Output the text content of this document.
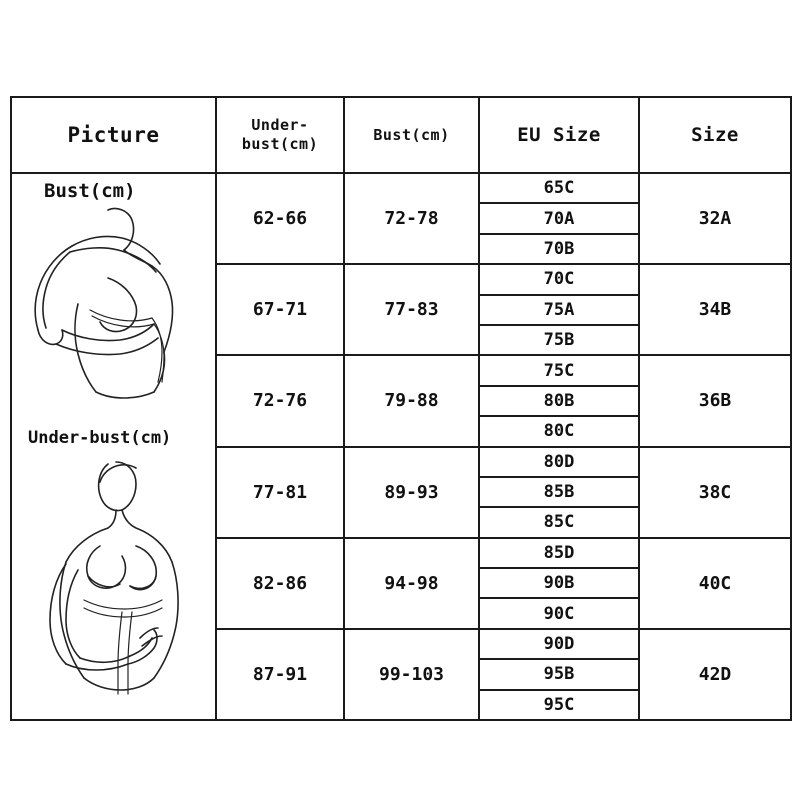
Picture	Under-bust(cm)	Bust(cm)	EU Size	Size

Bust(cm)
Under-bust(cm)	62-66	72-78	65C	32A
			70A	
			70B	
	67-71	77-83	70C	34B
			75A	
			75B	
	72-76	79-88	75C	36B
			80B	
			80C	
	77-81	89-93	80D	38C
			85B	
			85C	
	82-86	94-98	85D	40C
			90B	
			90C	
	87-91	99-103	90D	42D
			95B	
			95C	
